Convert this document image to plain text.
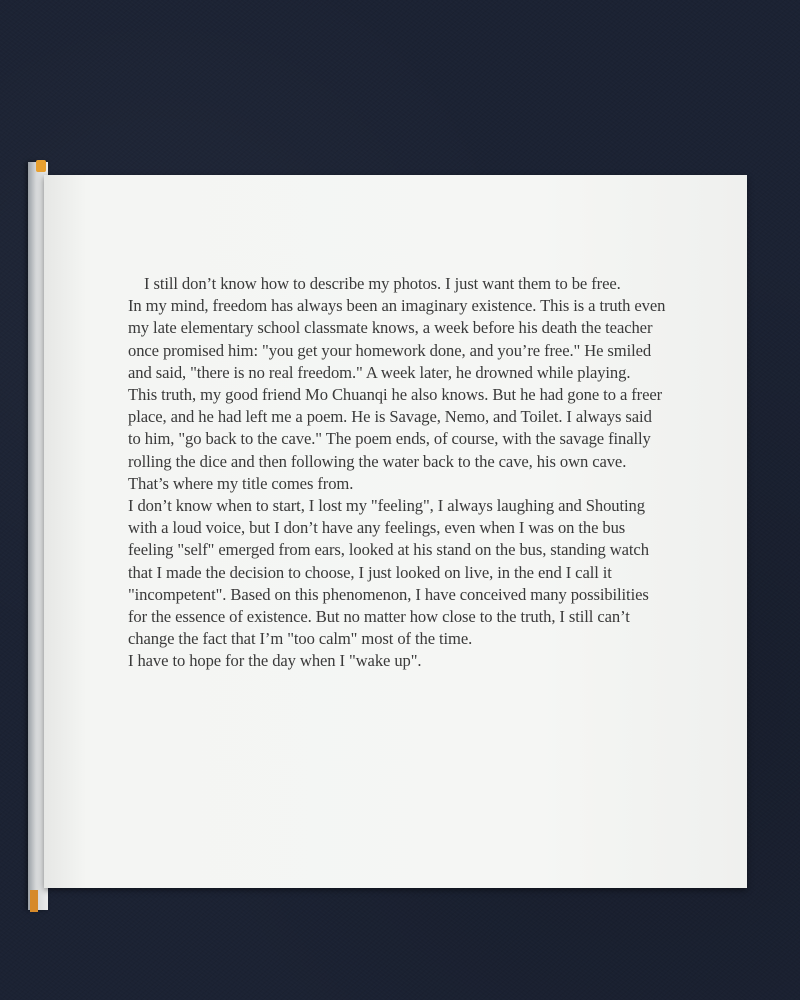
I still don’t know how to describe my photos. I just want them to be free.

In my mind, freedom has always been an imaginary existence. This is a truth even my late elementary school classmate knows, a week before his death the teacher once promised him: "you get your homework done, and you’re free." He smiled and said, "there is no real freedom." A week later, he drowned while playing.

This truth, my good friend Mo Chuanqi he also knows. But he had gone to a freer place, and he had left me a poem. He is Savage, Nemo, and Toilet. I always said to him, "go back to the cave." The poem ends, of course, with the savage finally rolling the dice and then following the water back to the cave, his own cave.

That’s where my title comes from.

I don’t know when to start, I lost my "feeling", I always laughing and Shouting with a loud voice, but I don’t have any feelings, even when I was on the bus feeling "self" emerged from ears, looked at his stand on the bus, standing watch that I made the decision to choose, I just looked on live, in the end I call it "incompetent". Based on this phenomenon, I have conceived many possibilities for the essence of existence. But no matter how close to the truth, I still can’t change the fact that I’m "too calm" most of the time.

I have to hope for the day when I "wake up".
